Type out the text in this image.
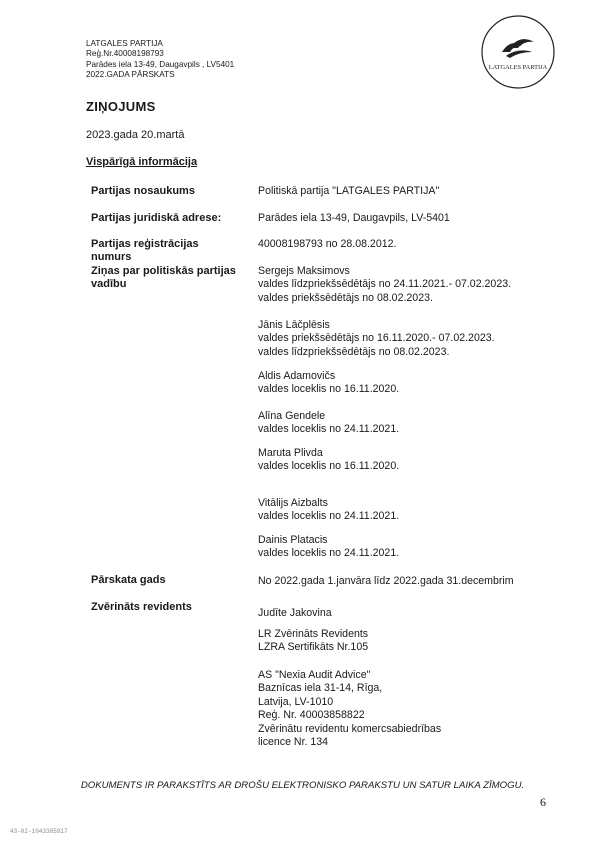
LATGALES PARTIJA
Reģ.Nr.40008198793
Parādes iela 13-49, Daugavpils , LV5401
2022.GADA PĀRSKATS
LATGALES PARTIJA
ZIŅOJUMS
2023.gada 20.martā
Vispārīgā informācija
Partijas nosaukums
Partijas juridiskā adrese:
Partijas reģistrācijas numurs
Ziņas par politiskās partijas vadību
Pārskata gads
Zvērināts revidents
Politiskā partija "LATGALES PARTIJA"
Parādes iela 13-49, Daugavpils, LV-5401
40008198793 no 28.08.2012.
Sergejs Maksimovs
valdes līdzpriekšsēdētājs no 24.11.2021.- 07.02.2023.
valdes priekšsēdētājs no 08.02.2023.
Jānis Lāčplēsis
valdes priekšsēdētājs no 16.11.2020.- 07.02.2023.
valdes līdzpriekšsēdētājs no 08.02.2023.
Aldis Adamovičs
valdes loceklis no 16.11.2020.
Alīna Gendele
valdes loceklis no 24.11.2021.
Maruta Plivda
valdes loceklis no 16.11.2020.
Vitālijs Aizbalts
valdes loceklis no 24.11.2021.
Dainis Platacis
valdes loceklis no 24.11.2021.
No 2022.gada 1.janvāra līdz 2022.gada 31.decembrim
Judīte Jakovina
LR Zvērināts Revidents
LZRA Sertifikāts Nr.105
AS "Nexia Audit Advice"
Baznīcas iela 31-14, Rīga,
Latvija, LV-1010
Reģ. Nr. 40003858822
Zvērinātu revidentu komercsabiedrības
licence Nr. 134
DOKUMENTS IR PARAKSTĪTS AR DROŠU ELEKTRONISKO PARAKSTU UN SATUR LAIKA ZĪMOGU.
6
43-02-1043385917
